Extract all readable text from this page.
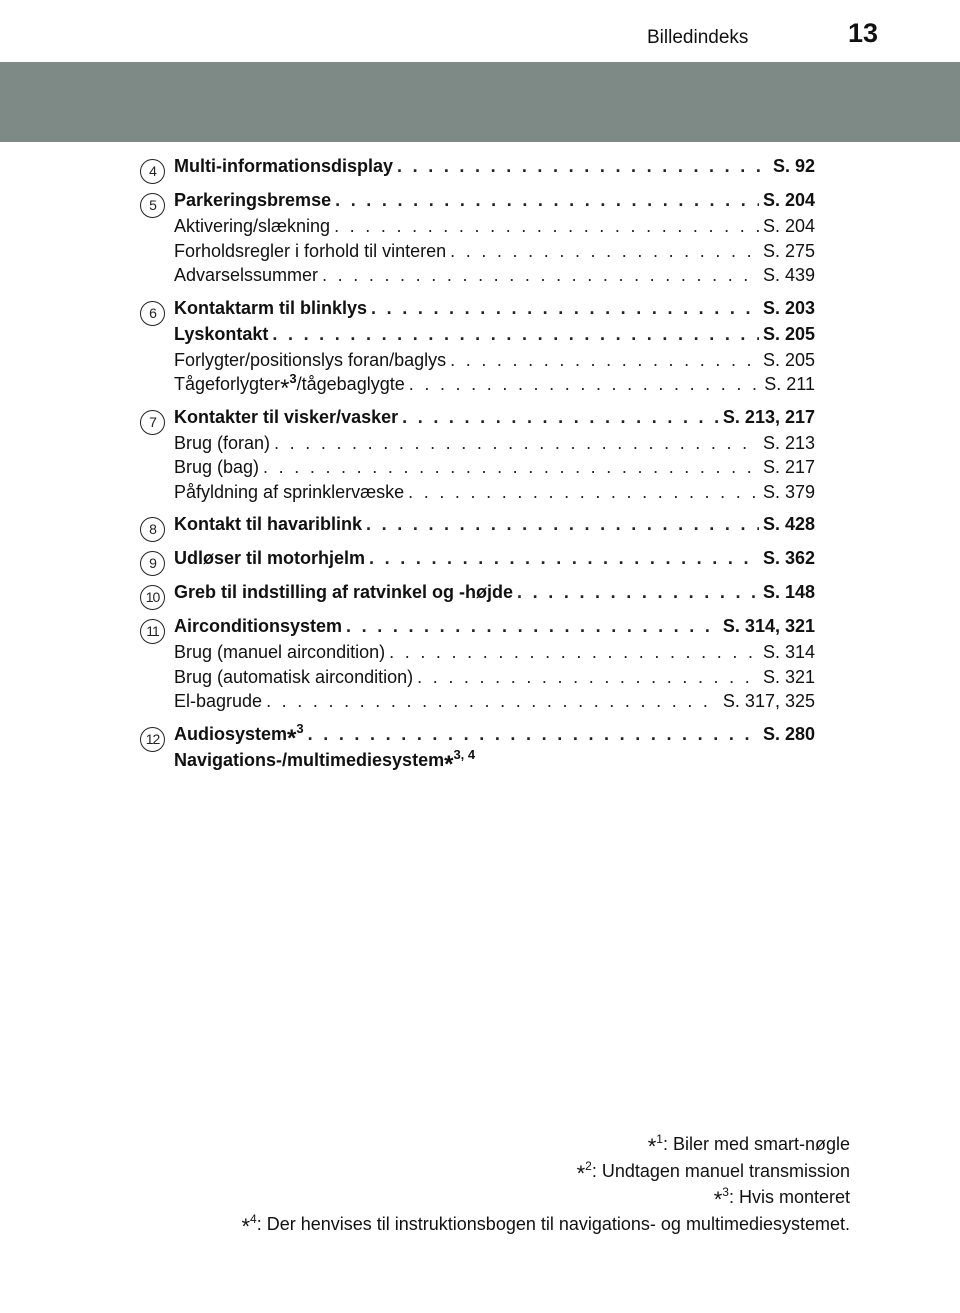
Billedindeks	13
4	Multi-informationsdisplay . . .	S. 92
5	Parkeringsbremse . . .	S. 204
Aktivering/slækning . . .	S. 204
Forholdsregler i forhold til vinteren . . .	S. 275
Advarselssummer . . .	S. 439
6	Kontaktarm til blinklys . . .	S. 203
Lyskontakt . . .	S. 205
Forlygter/positionslys foran/baglys . . .	S. 205
Tågeforlygter*$^3$/tågebaglygte . . .	S. 211
7	Kontakter til visker/vasker . . .	S. 213, 217
Brug (foran) . . .	S. 213
Brug (bag) . . .	S. 217
Påfyldning af sprinklervæske . . .	S. 379
8	Kontakt til havariblink . . .	S. 428
9	Udløser til motorhjelm . . .	S. 362
10 Greb til indstilling af ratvinkel og -højde . . .	S. 148
11 Airconditionsystem . . .	S. 314, 321
Brug (manuel aircondition) . . .	S. 314
Brug (automatisk aircondition) . . .	S. 321
El-bagrude . . .	S. 317, 325
12 Audiosystem*$^3$ . . .	S. 280
Navigations-/multimediesystem*$^{3, 4}$
*$^1$: Biler med smart-nøgle
*$^2$: Undtagen manuel transmission
*$^3$: Hvis monteret
*$^4$: Der henvises til instruktionsbogen til navigations- og multimediesystemet.
